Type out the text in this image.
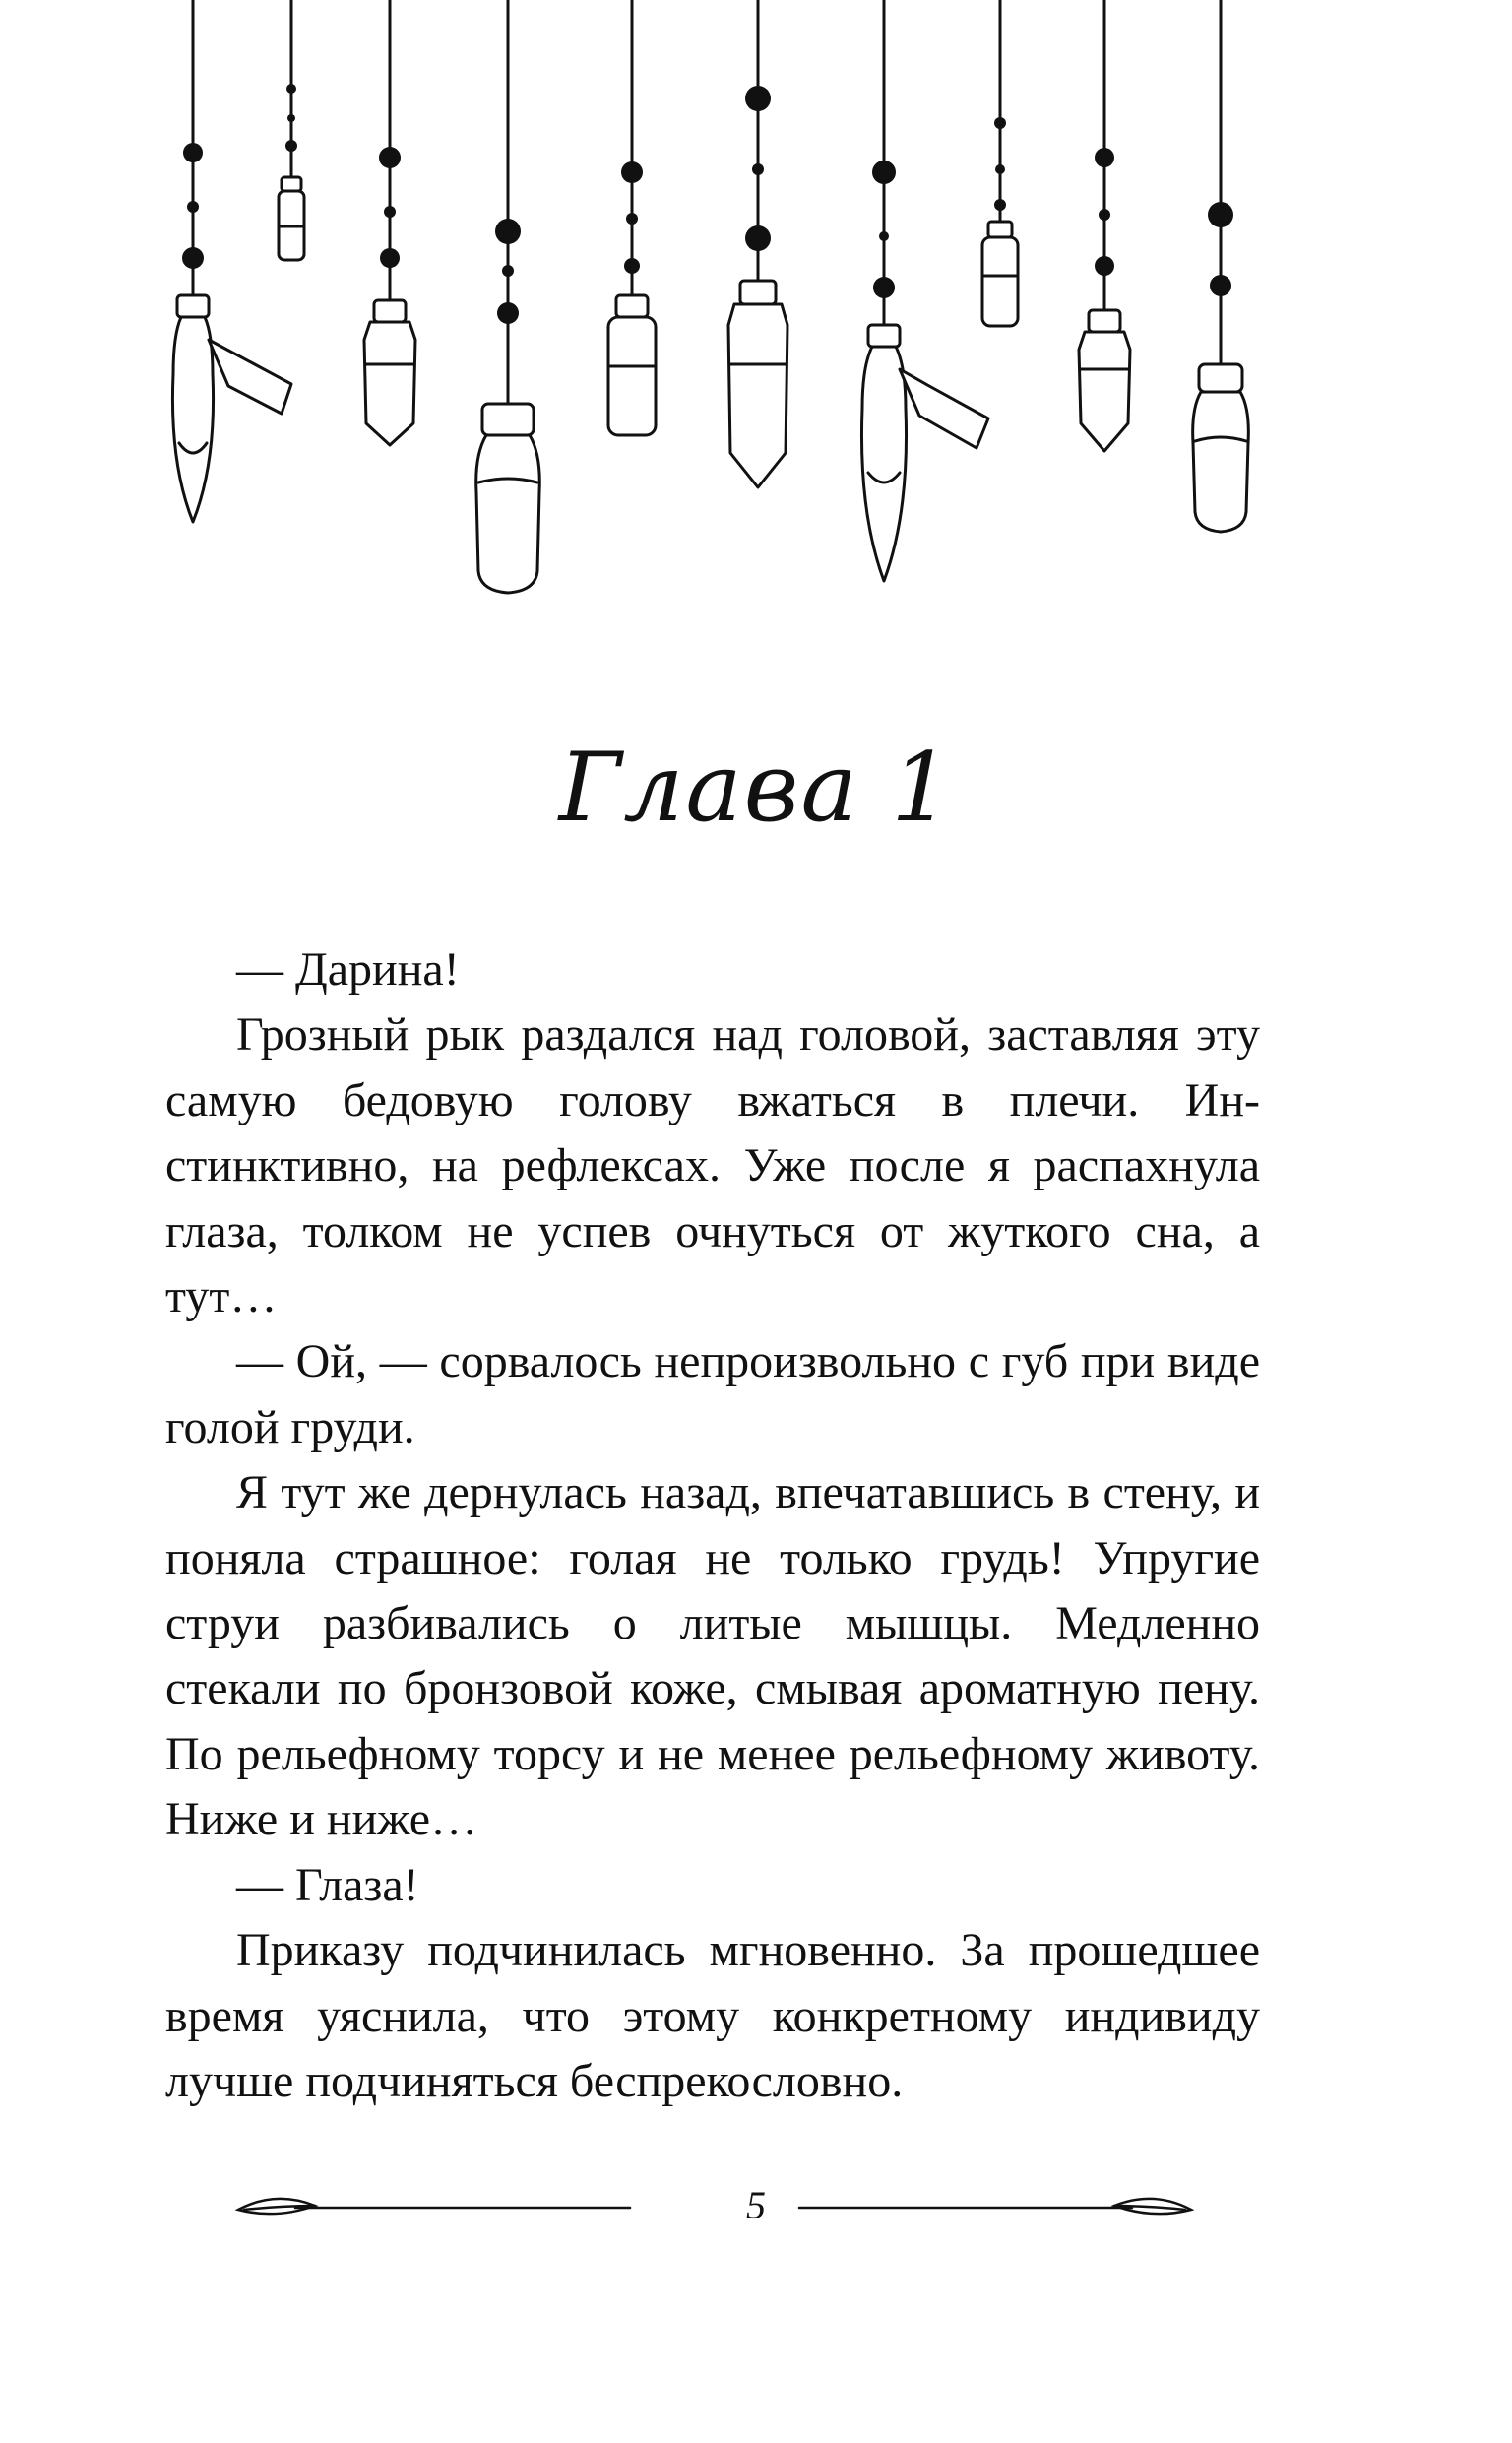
Глава 1

— Дарина!

Грозный рык раздался над головой, заставляя эту самую бедовую голову вжаться в плечи. Инстинктивно, на рефлексах. Уже после я распахнула глаза, толком не успев очнуться от жуткого сна, а тут…

— Ой, — сорвалось непроизвольно с губ при виде голой груди.

Я тут же дернулась назад, впечатавшись в стену, и поняла страшное: голая не только грудь! Упругие струи разбивались о литые мышцы. Медленно стекали по бронзовой коже, смывая ароматную пену. По рельефному торсу и не менее рельефному животу. Ниже и ниже…

— Глаза!

Приказу подчинилась мгновенно. За прошедшее время уяснила, что этому конкретному индивиду лучше подчиняться беспрекословно.

5
